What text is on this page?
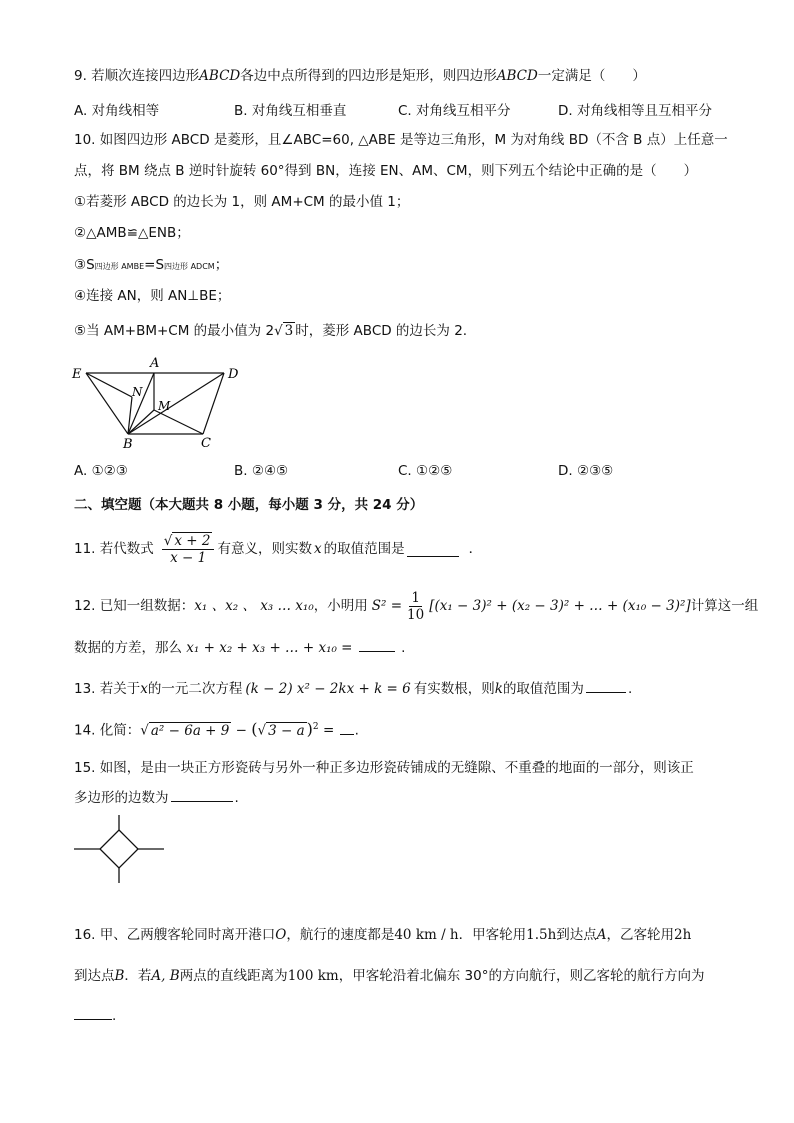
9. 若顺次连接四边形ABCD各边中点所得到的四边形是矩形，则四边形ABCD一定满足（　　）
A. 对角线相等	B. 对角线互相垂直	C. 对角线互相平分	D. 对角线相等且互相平分
10. 如图四边形 ABCD 是菱形，且∠ABC=60, △ABE 是等边三角形，M 为对角线 BD（不含 B 点）上任意一
点，将 BM 绕点 B 逆时针旋转 60°得到 BN，连接 EN、AM、CM，则下列五个结论中正确的是（　　）
①若菱形 ABCD 的边长为 1，则 AM+CM 的最小值 1；
②△AMB≌△ENB；
③S四边形 AMBE=S四边形 ADCM；
④连接 AN，则 AN⊥BE；
⑤当 AM+BM+CM 的最小值为 2√ 3 时，菱形 ABCD 的边长为 2.
E
A
D
N
M
B	C
A. ①②③	B. ②④⑤	C. ①②⑤	D. ②③⑤
二、填空题（本大题共 8 小题，每小题 3 分，共 24 分）
11. 若代数式 $\frac{√ x + 2}{x - 1}$ 有意义，则实数 x 的取值范围是	．
12. 已知一组数据： x₁ 、x₂ 、 x₃ … x₁₀ ，小明用 $S^2 = \frac{1}{10} [(x_1 - 3)^2 + (x_2 - 3)^2$ + … + (x₁₀ − 3)²] 计算这一组
数据的方差，那么 x₁ + x₂ + x₃ + … + x₁₀ =	.
13. 若关于x的一元二次方程 (k − 2) x² − 2kx + k = 6 有实数根，则k的取值范围为	.
14. 化简：√ a² − 6a + 9 − (√ 3 − a )$^2$ = .
15. 如图，是由一块正方形瓷砖与另外一种正多边形瓷砖铺成的无缝隙、不重叠的地面的一部分，则该正
多边形的边数为	.
16. 甲、乙两艘客轮同时离开港口O，航行的速度都是40 km / h．甲客轮用1.5h到达点A，乙客轮用2h
到达点B．若A, B两点的直线距离为100 km，甲客轮沿着北偏东 30°的方向航行，则乙客轮的航行方向为
.
